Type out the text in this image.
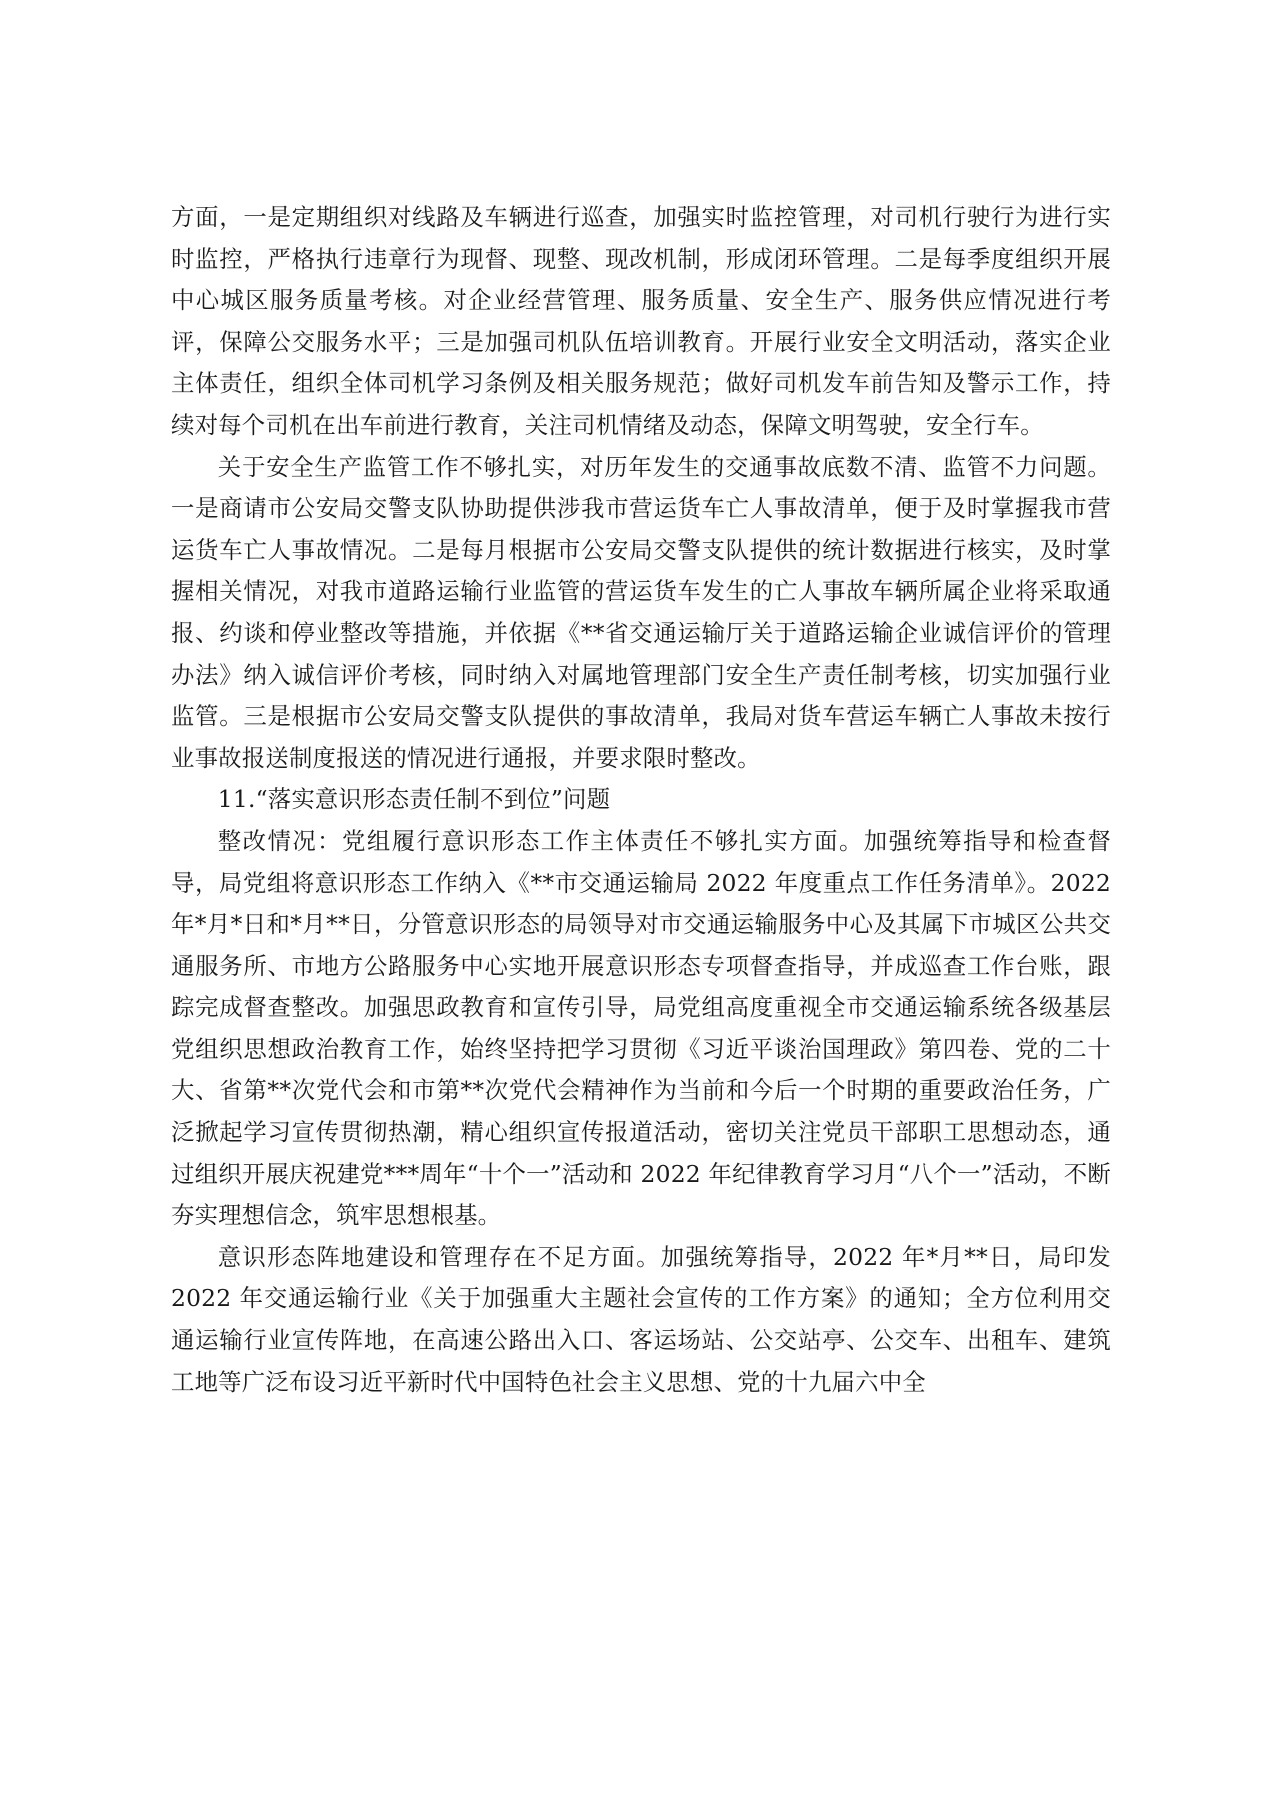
方面，一是定期组织对线路及车辆进行巡查，加强实时监控管理，对司机行驶行为进行实时监控，严格执行违章行为现督、现整、现改机制，形成闭环管理。二是每季度组织开展中心城区服务质量考核。对企业经营管理、服务质量、安全生产、服务供应情况进行考评，保障公交服务水平；三是加强司机队伍培训教育。开展行业安全文明活动，落实企业主体责任，组织全体司机学习条例及相关服务规范；做好司机发车前告知及警示工作，持续对每个司机在出车前进行教育，关注司机情绪及动态，保障文明驾驶，安全行车。

关于安全生产监管工作不够扎实，对历年发生的交通事故底数不清、监管不力问题。一是商请市公安局交警支队协助提供涉我市营运货车亡人事故清单，便于及时掌握我市营运货车亡人事故情况。二是每月根据市公安局交警支队提供的统计数据进行核实，及时掌握相关情况，对我市道路运输行业监管的营运货车发生的亡人事故车辆所属企业将采取通报、约谈和停业整改等措施，并依据《**省交通运输厅关于道路运输企业诚信评价的管理办法》纳入诚信评价考核，同时纳入对属地管理部门安全生产责任制考核，切实加强行业监管。三是根据市公安局交警支队提供的事故清单，我局对货车营运车辆亡人事故未按行业事故报送制度报送的情况进行通报，并要求限时整改。

11.“落实意识形态责任制不到位”问题

整改情况：党组履行意识形态工作主体责任不够扎实方面。加强统筹指导和检查督导，局党组将意识形态工作纳入《**市交通运输局 2022 年度重点工作任务清单》。2022 年*月*日和*月**日，分管意识形态的局领导对市交通运输服务中心及其属下市城区公共交通服务所、市地方公路服务中心实地开展意识形态专项督查指导，并成巡查工作台账，跟踪完成督查整改。加强思政教育和宣传引导，局党组高度重视全市交通运输系统各级基层党组织思想政治教育工作，始终坚持把学习贯彻《习近平谈治国理政》第四卷、党的二十大、省第**次党代会和市第**次党代会精神作为当前和今后一个时期的重要政治任务，广泛掀起学习宣传贯彻热潮，精心组织宣传报道活动，密切关注党员干部职工思想动态，通过组织开展庆祝建党***周年“十个一”活动和 2022 年纪律教育学习月“八个一”活动，不断夯实理想信念，筑牢思想根基。

意识形态阵地建设和管理存在不足方面。加强统筹指导，2022 年*月**日，局印发 2022 年交通运输行业《关于加强重大主题社会宣传的工作方案》的通知；全方位利用交通运输行业宣传阵地，在高速公路出入口、客运场站、公交站亭、公交车、出租车、建筑工地等广泛布设习近平新时代中国特色社会主义思想、党的十九届六中全
